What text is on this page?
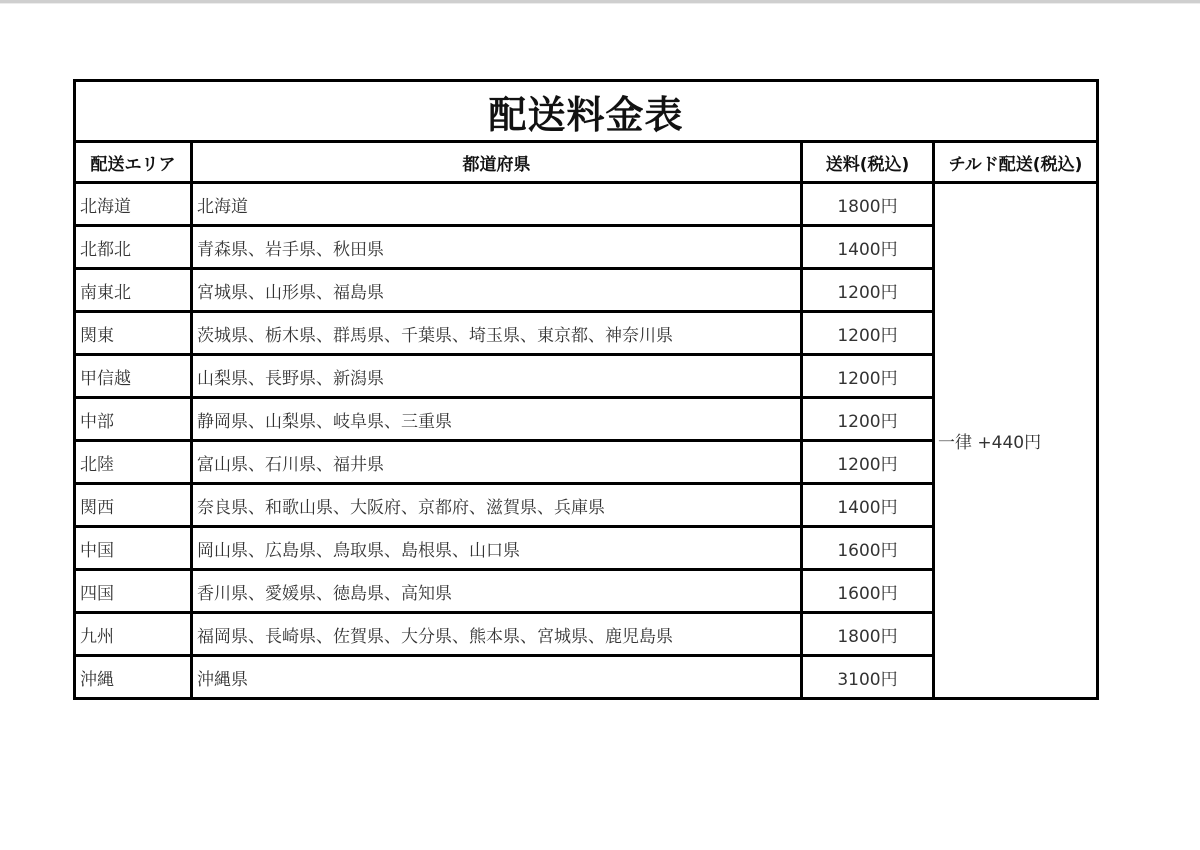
配送料金表			
配送エリア	都道府県	送料(税込)	チルド配送(税込)
北海道	北海道	1800円	一律 +440円
北都北	青森県、岩手県、秋田県	1400円	
南東北	宮城県、山形県、福島県	1200円	
関東	茨城県、栃木県、群馬県、千葉県、埼玉県、東京都、神奈川県	1200円	
甲信越	山梨県、長野県、新潟県	1200円	
中部	静岡県、山梨県、岐阜県、三重県	1200円	
北陸	富山県、石川県、福井県	1200円	
関西	奈良県、和歌山県、大阪府、京都府、滋賀県、兵庫県	1400円	
中国	岡山県、広島県、鳥取県、島根県、山口県	1600円	
四国	香川県、愛媛県、徳島県、高知県	1600円	
九州	福岡県、長崎県、佐賀県、大分県、熊本県、宮城県、鹿児島県	1800円	
沖縄	沖縄県	3100円	
